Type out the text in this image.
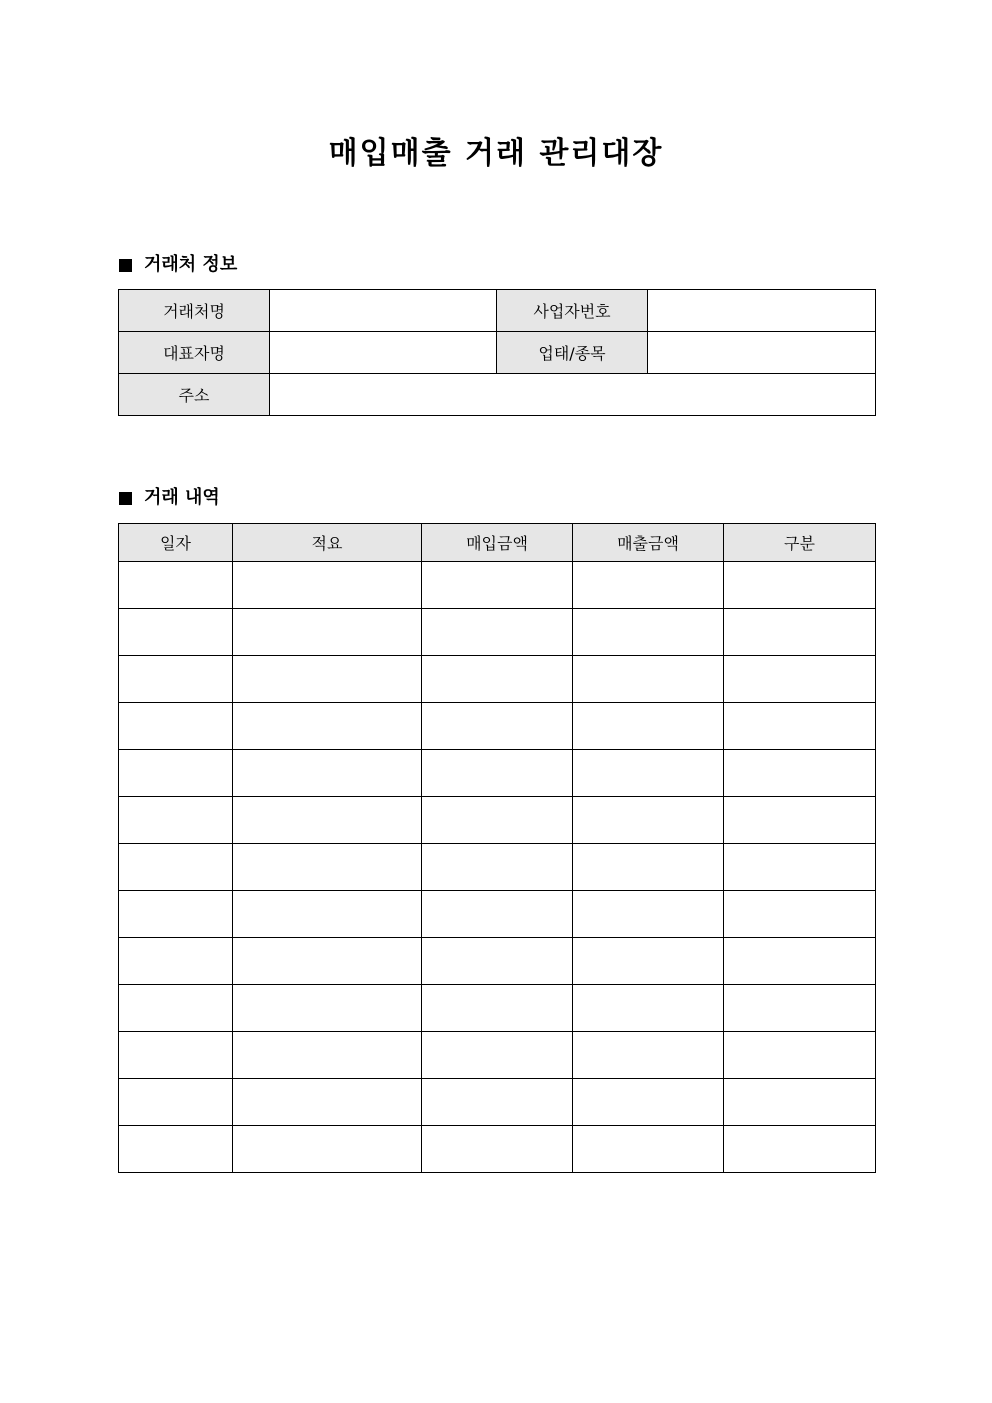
매입매출 거래 관리대장
거래처 정보
거래처명		사업자번호	
대표자명		업태/종목	
주소			
거래 내역
일자	적요	매입금액	매출금액	구분
